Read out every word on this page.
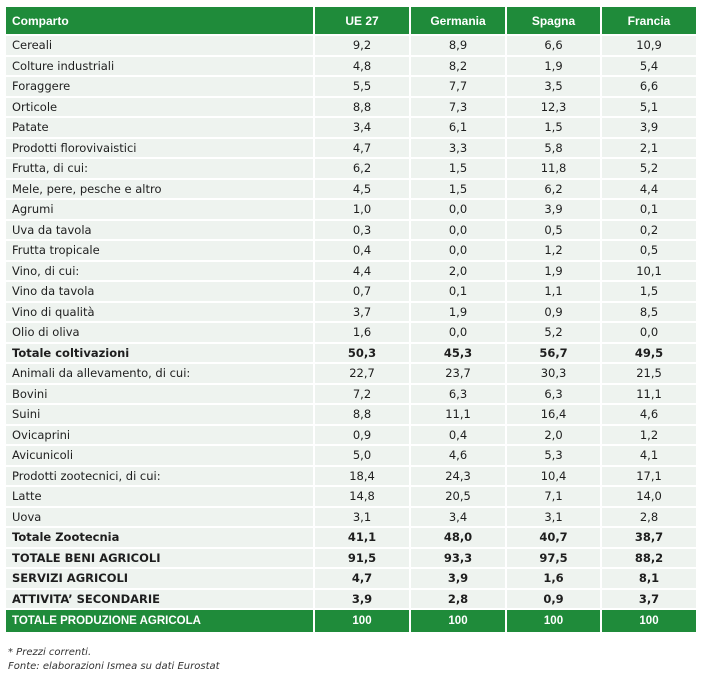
Comparto	UE 27	Germania	Spagna	Francia
Cereali	9,2	8,9	6,6	10,9
Colture industriali	4,8	8,2	1,9	5,4
Foraggere	5,5	7,7	3,5	6,6
Orticole	8,8	7,3	12,3	5,1
Patate	3,4	6,1	1,5	3,9
Prodotti florovivaistici	4,7	3,3	5,8	2,1
Frutta, di cui:	6,2	1,5	11,8	5,2
Mele, pere, pesche e altro	4,5	1,5	6,2	4,4
Agrumi	1,0	0,0	3,9	0,1
Uva da tavola	0,3	0,0	0,5	0,2
Frutta tropicale	0,4	0,0	1,2	0,5
Vino, di cui:	4,4	2,0	1,9	10,1
Vino da tavola	0,7	0,1	1,1	1,5
Vino di qualità	3,7	1,9	0,9	8,5
Olio di oliva	1,6	0,0	5,2	0,0
Totale coltivazioni	50,3	45,3	56,7	49,5
Animali da allevamento, di cui:	22,7	23,7	30,3	21,5
Bovini	7,2	6,3	6,3	11,1
Suini	8,8	11,1	16,4	4,6
Ovicaprini	0,9	0,4	2,0	1,2
Avicunicoli	5,0	4,6	5,3	4,1
Prodotti zootecnici, di cui:	18,4	24,3	10,4	17,1
Latte	14,8	20,5	7,1	14,0
Uova	3,1	3,4	3,1	2,8
Totale Zootecnia	41,1	48,0	40,7	38,7
TOTALE BENI AGRICOLI	91,5	93,3	97,5	88,2
SERVIZI AGRICOLI	4,7	3,9	1,6	8,1
ATTIVITA’ SECONDARIE	3,9	2,8	0,9	3,7
TOTALE PRODUZIONE AGRICOLA	100	100	100	100
* Prezzi correnti.
Fonte: elaborazioni Ismea su dati Eurostat
